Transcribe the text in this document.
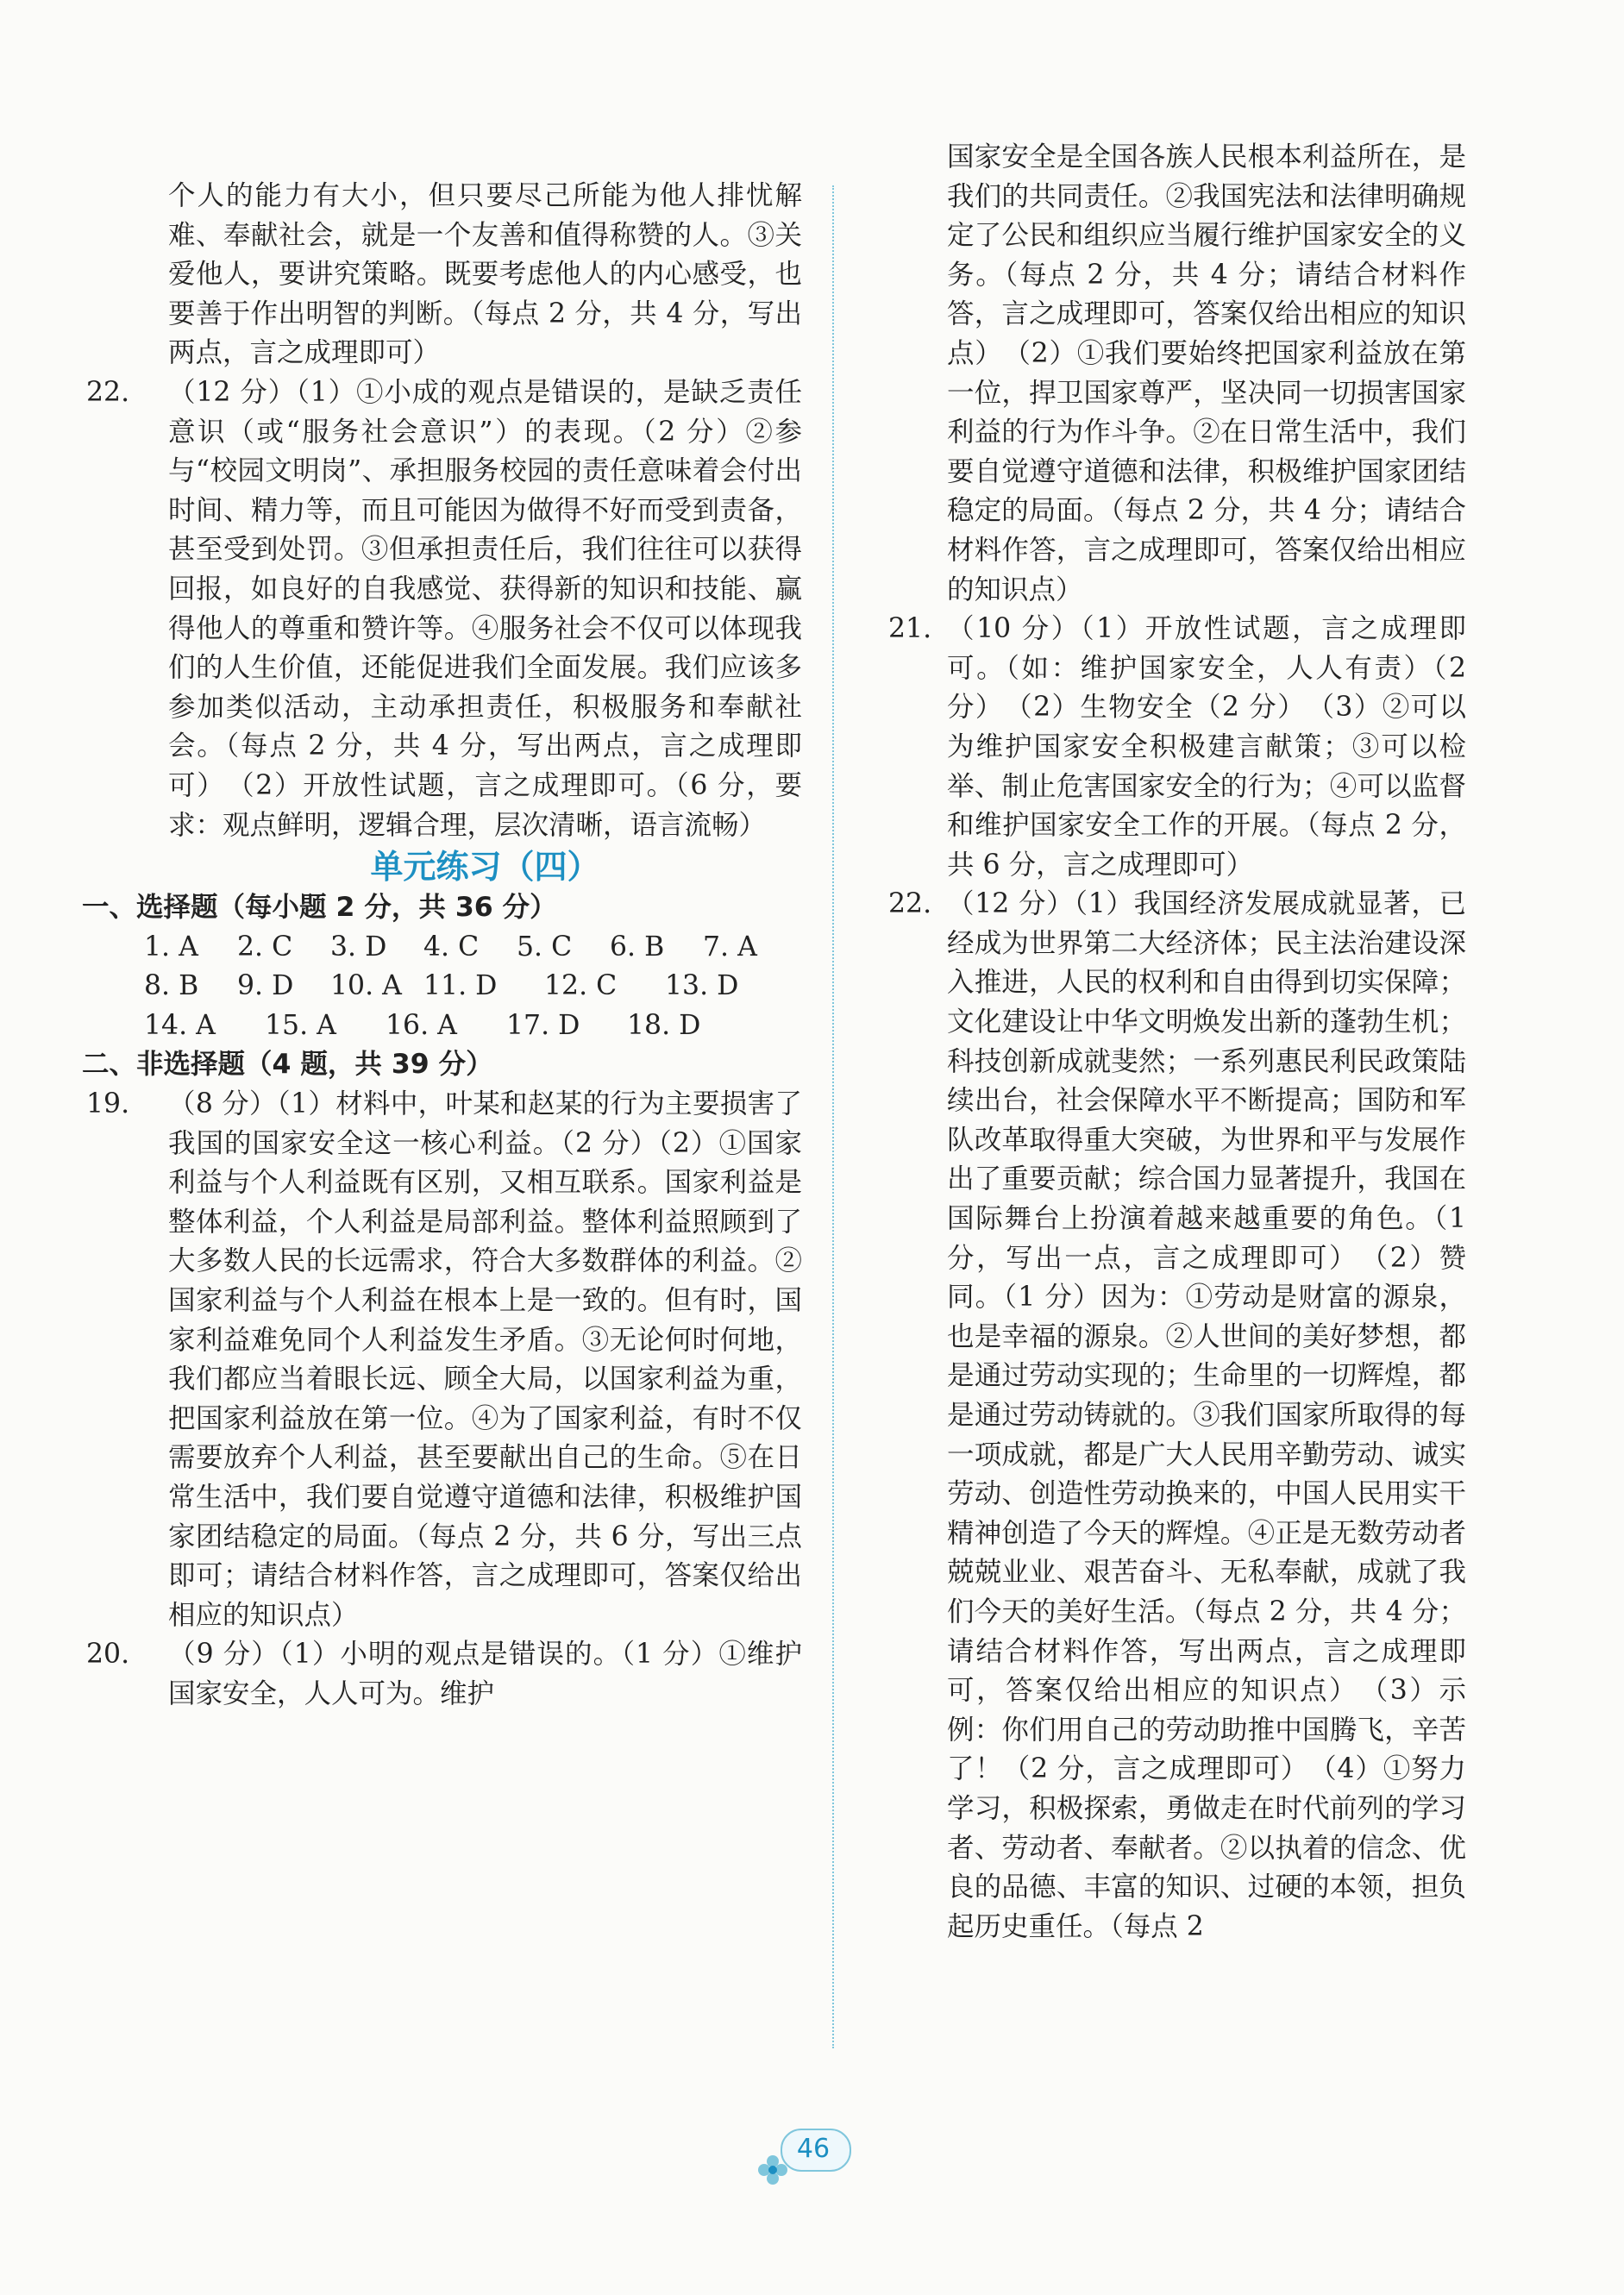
个人的能力有大小，但只要尽己所能为他人排忧解难、奉献社会，就是一个友善和值得称赞的人。③关爱他人，要讲究策略。既要考虑他人的内心感受，也要善于作出明智的判断。（每点 2 分，共 4 分，写出两点，言之成理即可）

22. （12 分）（1）①小成的观点是错误的，是缺乏责任意识（或“服务社会意识”）的表现。（2 分）②参与“校园文明岗”、承担服务校园的责任意味着会付出时间、精力等，而且可能因为做得不好而受到责备，甚至受到处罚。③但承担责任后，我们往往可以获得回报，如良好的自我感觉、获得新的知识和技能、赢得他人的尊重和赞许等。④服务社会不仅可以体现我们的人生价值，还能促进我们全面发展。我们应该多参加类似活动，主动承担责任，积极服务和奉献社会。（每点 2 分，共 4 分，写出两点，言之成理即可）　（2）开放性试题，言之成理即可。（6 分，要求：观点鲜明，逻辑合理，层次清晰，语言流畅）

单元练习（四）
一、选择题（每小题 2 分，共 36 分）
1. A 2. C 3. D 4. C 5. C 6. B 7. A
8. B 9. D 10. A 11. D 12. C 13. D
14. A 15. A 16. A 17. D 18. D
二、非选择题（4 题，共 39 分）
19. （8 分）（1）材料中，叶某和赵某的行为主要损害了我国的国家安全这一核心利益。（2 分）（2）①国家利益与个人利益既有区别，又相互联系。国家利益是整体利益，个人利益是局部利益。整体利益照顾到了大多数人民的长远需求，符合大多数群体的利益。②国家利益与个人利益在根本上是一致的。但有时，国家利益难免同个人利益发生矛盾。③无论何时何地，我们都应当着眼长远、顾全大局，以国家利益为重，把国家利益放在第一位。④为了国家利益，有时不仅需要放弃个人利益，甚至要献出自己的生命。⑤在日常生活中，我们要自觉遵守道德和法律，积极维护国家团结稳定的局面。（每点 2 分，共 6 分，写出三点即可；请结合材料作答，言之成理即可，答案仅给出相应的知识点）

20. （9 分）（1）小明的观点是错误的。（1 分）①维护国家安全，人人可为。维护

国家安全是全国各族人民根本利益所在，是我们的共同责任。②我国宪法和法律明确规定了公民和组织应当履行维护国家安全的义务。（每点 2 分，共 4 分；请结合材料作答，言之成理即可，答案仅给出相应的知识点）　（2）①我们要始终把国家利益放在第一位，捍卫国家尊严，坚决同一切损害国家利益的行为作斗争。②在日常生活中，我们要自觉遵守道德和法律，积极维护国家团结稳定的局面。（每点 2 分，共 4 分；请结合材料作答，言之成理即可，答案仅给出相应的知识点）

21. （10 分）（1）开放性试题，言之成理即可。（如：维护国家安全，人人有责）（2 分）　（2）生物安全（2 分）　（3）②可以为维护国家安全积极建言献策；③可以检举、制止危害国家安全的行为；④可以监督和维护国家安全工作的开展。（每点 2 分，共 6 分，言之成理即可）

22. （12 分）（1）我国经济发展成就显著，已经成为世界第二大经济体；民主法治建设深入推进，人民的权利和自由得到切实保障；文化建设让中华文明焕发出新的蓬勃生机；科技创新成就斐然；一系列惠民利民政策陆续出台，社会保障水平不断提高；国防和军队改革取得重大突破，为世界和平与发展作出了重要贡献；综合国力显著提升，我国在国际舞台上扮演着越来越重要的角色。（1 分，写出一点，言之成理即可）　（2）赞同。（1 分）因为：①劳动是财富的源泉，也是幸福的源泉。②人世间的美好梦想，都是通过劳动实现的；生命里的一切辉煌，都是通过劳动铸就的。③我们国家所取得的每一项成就，都是广大人民用辛勤劳动、诚实劳动、创造性劳动换来的，中国人民用实干精神创造了今天的辉煌。④正是无数劳动者兢兢业业、艰苦奋斗、无私奉献，成就了我们今天的美好生活。（每点 2 分，共 4 分；请结合材料作答，写出两点，言之成理即可，答案仅给出相应的知识点）　（3）示例：你们用自己的劳动助推中国腾飞，辛苦了！（2 分，言之成理即可）　（4）①努力学习，积极探索，勇做走在时代前列的学习者、劳动者、奉献者。②以执着的信念、优良的品德、丰富的知识、过硬的本领，担负起历史重任。（每点 2

46
